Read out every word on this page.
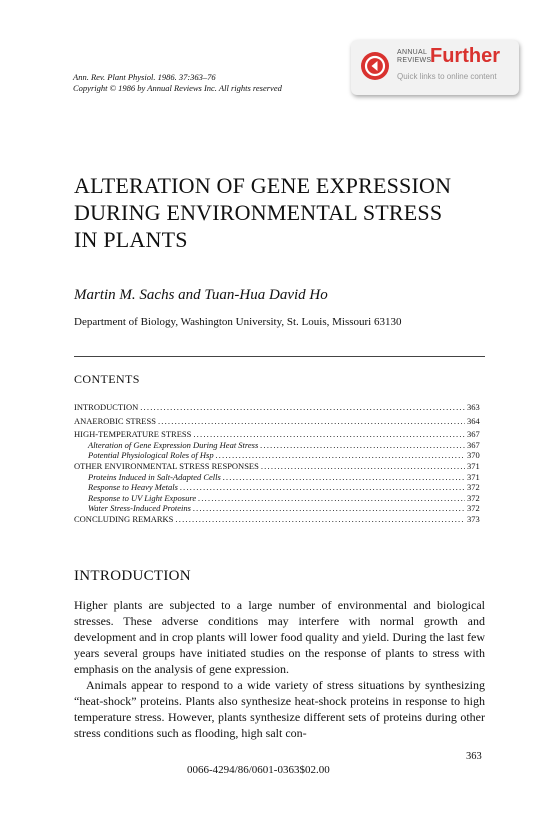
Ann. Rev. Plant Physiol. 1986. 37:363–76
Copyright © 1986 by Annual Reviews Inc. All rights reserved
ANNUAL
REVIEWS
Further
Quick links to online content
ALTERATION OF GENE EXPRESSION
DURING ENVIRONMENTAL STRESS
IN PLANTS
Martin M. Sachs and Tuan-Hua David Ho
Department of Biology, Washington University, St. Louis, Missouri 63130
CONTENTS
INTRODUCTION .....	363
ANAEROBIC STRESS .....	364
HIGH-TEMPERATURE STRESS .....	367
Alteration of Gene Expression During Heat Stress .....	367
Potential Physiological Roles of Hsp .....	370
OTHER ENVIRONMENTAL STRESS RESPONSES .....	371
Proteins Induced in Salt-Adapted Cells .....	371
Response to Heavy Metals .....	372
Response to UV Light Exposure .....	372
Water Stress-Induced Proteins .....	372
CONCLUDING REMARKS .....	373
INTRODUCTION

Higher plants are subjected to a large number of environmental and biological stresses. These adverse conditions may interfere with normal growth and development and in crop plants will lower food quality and yield. During the last few years several groups have initiated studies on the response of plants to stress with emphasis on the analysis of gene expression.

Animals appear to respond to a wide variety of stress situations by synthesizing “heat-shock” proteins. Plants also synthesize heat-shock proteins in response to high temperature stress. However, plants synthesize different sets of proteins during other stress conditions such as flooding, high salt con-

363
0066-4294/86/0601-0363$02.00
